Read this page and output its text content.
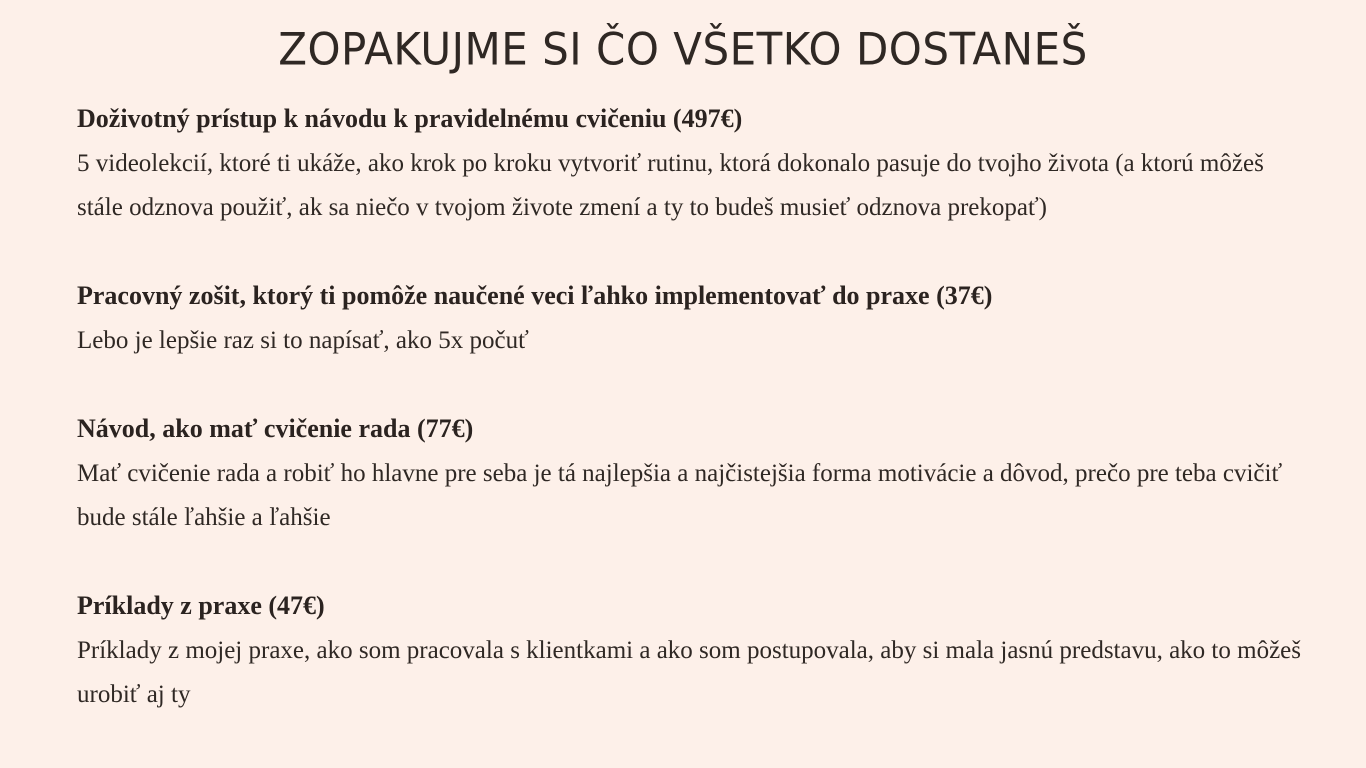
ZOPAKUJME SI ČO VŠETKO DOSTANEŠ

Doživotný prístup k návodu k pravidelnému cvičeniu (497€)

5 videolekcií, ktoré ti ukáže, ako krok po kroku vytvoriť rutinu, ktorá dokonalo pasuje do tvojho života (a ktorú môžeš stále odznova použiť, ak sa niečo v tvojom živote zmení a ty to budeš musieť odznova prekopať)

Pracovný zošit, ktorý ti pomôže naučené veci ľahko implementovať do praxe (37€)

Lebo je lepšie raz si to napísať, ako 5x počuť

Návod, ako mať cvičenie rada (77€)

Mať cvičenie rada a robiť ho hlavne pre seba je tá najlepšia a najčistejšia forma motivácie a dôvod, prečo pre teba cvičiť bude stále ľahšie a ľahšie

Príklady z praxe (47€)

Príklady z mojej praxe, ako som pracovala s klientkami a ako som postupovala, aby si mala jasnú predstavu, ako to môžeš urobiť aj ty
